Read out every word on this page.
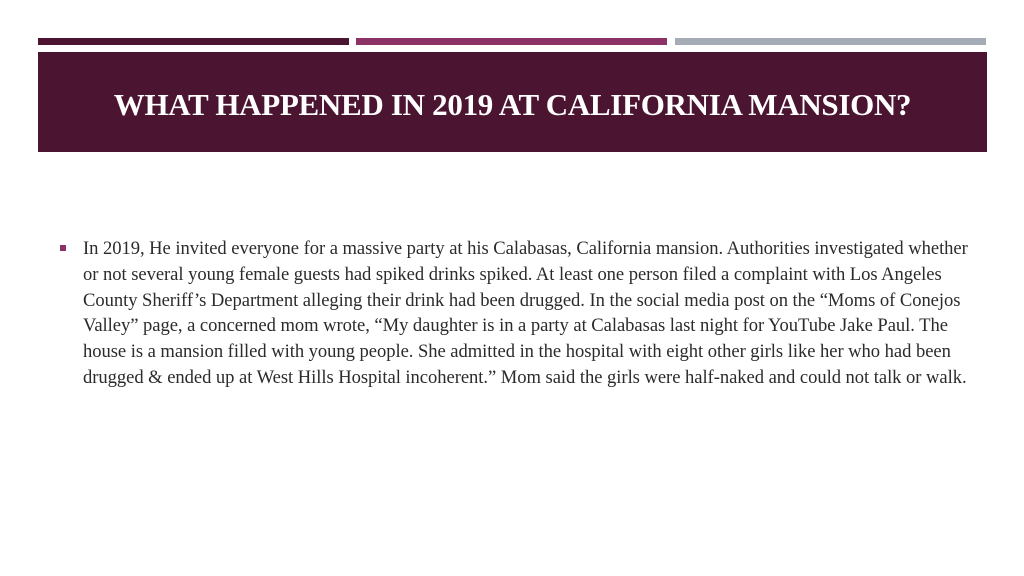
WHAT HAPPENED IN 2019 AT CALIFORNIA MANSION?
In 2019, He invited everyone for a massive party at his Calabasas, California mansion. Authorities investigated whether or not several young female guests had spiked drinks spiked. At least one person filed a complaint with Los Angeles County Sheriff’s Department alleging their drink had been drugged. In the social media post on the “Moms of Conejos Valley” page, a concerned mom wrote, “My daughter is in a party at Calabasas last night for YouTube Jake Paul. The house is a mansion filled with young people. She admitted in the hospital with eight other girls like her who had been drugged & ended up at West Hills Hospital incoherent.” Mom said the girls were half-naked and could not talk or walk.
